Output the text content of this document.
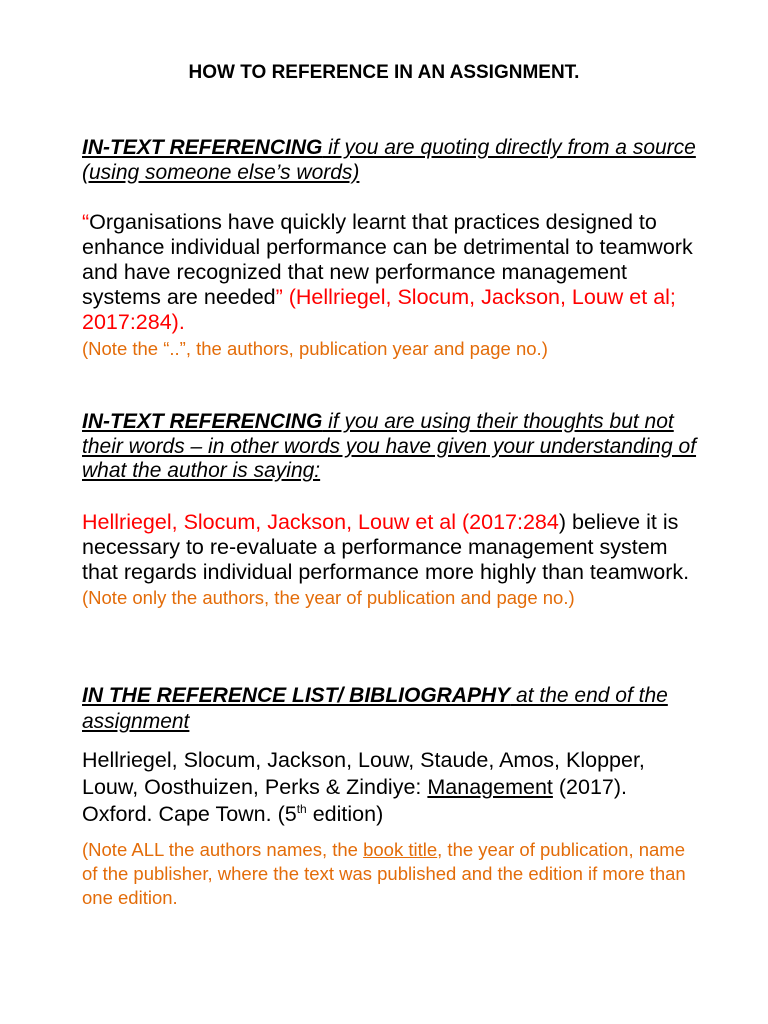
HOW TO REFERENCE IN AN ASSIGNMENT.
IN-TEXT REFERENCING if you are quoting directly from a source (using someone else’s words)
“Organisations have quickly learnt that practices designed to enhance individual performance can be detrimental to teamwork and have recognized that new performance management systems are needed” (Hellriegel, Slocum, Jackson, Louw et al; 2017:284).
(Note the “..”, the authors, publication year and page no.)
IN-TEXT REFERENCING if you are using their thoughts but not their words – in other words you have given your understanding of what the author is saying:
Hellriegel, Slocum, Jackson, Louw et al (2017:284) believe it is necessary to re-evaluate a performance management system that regards individual performance more highly than teamwork.
(Note only the authors, the year of publication and page no.)
IN THE REFERENCE LIST/ BIBLIOGRAPHY at the end of the assignment
Hellriegel, Slocum, Jackson, Louw, Staude, Amos, Klopper, Louw, Oosthuizen, Perks & Zindiye: Management (2017). Oxford. Cape Town. (5th edition)
(Note ALL the authors names, the book title, the year of publication, name of the publisher, where the text was published and the edition if more than one edition.
